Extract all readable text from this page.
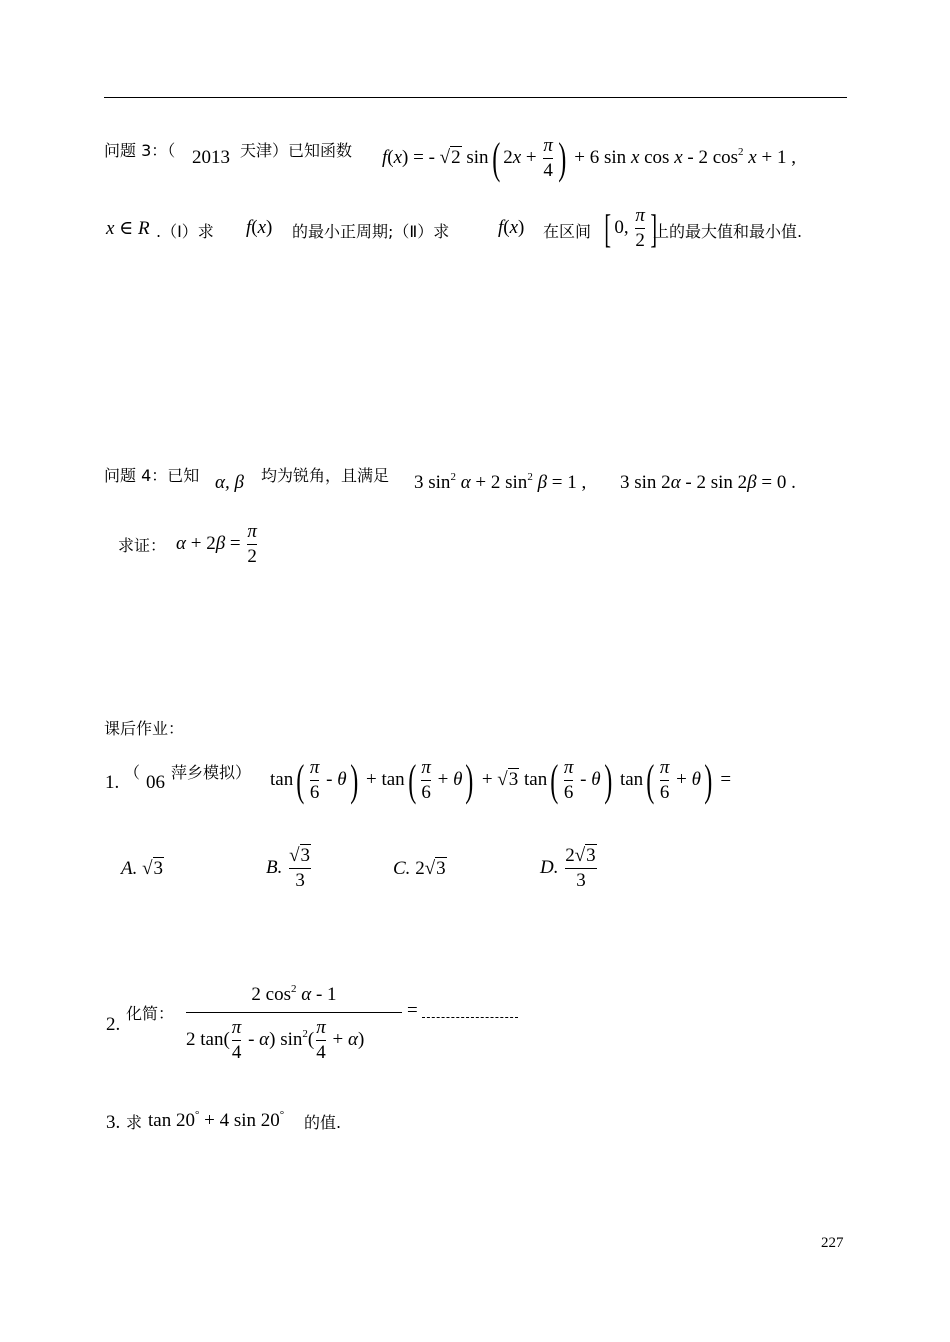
问题 3：（ 2013 天津）已知函数 f(x) = - √2 sin( $2x + \frac{\pi}{4}$ ) + 6 sin x cos x - 2 $\cos^2 x + 1$ ,
x ∈ R .（Ⅰ）求 f(x) 的最小正周期;（Ⅱ）求	f(x) 在区间 [ 0, $\frac{\pi}{2}$ ]
上的最大值和最小值.
问题 4：已知 α, β 均为锐角，且满足 3 $\sin^2 \alpha + 2$ $\sin^2 \beta = 1$ , 3 sin 2α - 2 sin 2β = 0 .
求证： $\alpha + 2\beta = \frac{\pi}{2}$
课后作业：
1. （ 06 萍乡模拟） $\tan( \frac{\pi}{6} - \theta) + \tan( \frac{\pi}{6} + \theta) + √3$ $\tan( \frac{\pi}{6} - \theta)$ $\tan( \frac{\pi}{6} + \theta)$ =
A. √3	B. $\frac{√3}{3}$	C. 2√3	D. $\frac{2√3}{3}$
2.
化简：
2 $\cos^2 \alpha - 1$
2 $\tan( \frac{\pi}{4} - \alpha)$ $\sin^2( \frac{\pi}{4} + \alpha)$
=
3. 求 tan 20° + 4 sin 20° 的值.
227
